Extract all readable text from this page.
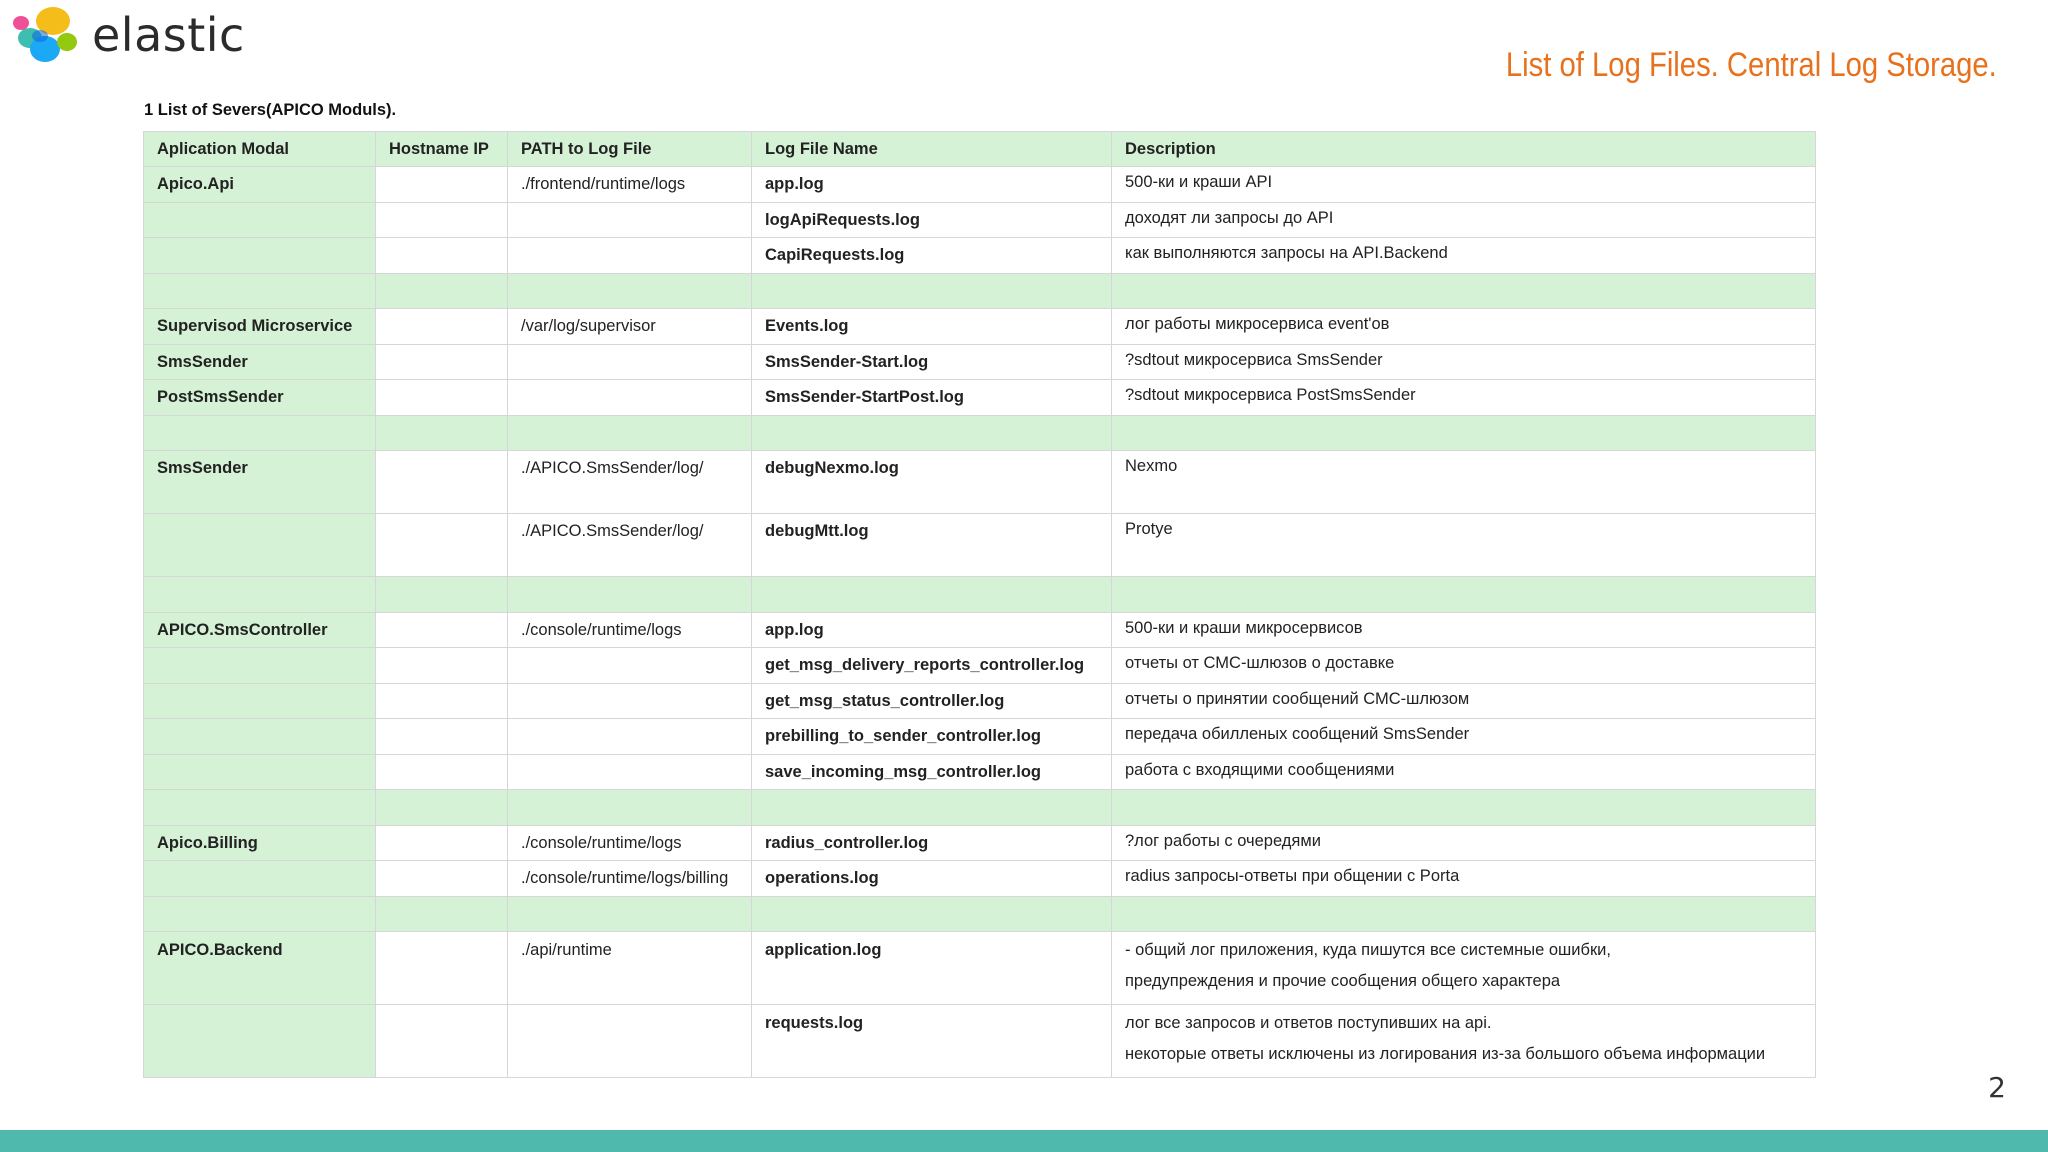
elastic
List of Log Files. Central Log Storage.
1 List of Severs(APICO Moduls).
Aplication Modal	Hostname IP	PATH to Log File	Log File Name	Description
Apico.Api		./frontend/runtime/logs	app.log	500-ки и краши API

			logApiRequests.log	доходят ли запросы до API

			CapiRequests.log	как выполняются запросы на API.Backend

Supervisod Microservice		/var/log/supervisor	Events.log	лог работы микросервиса event'ов

SmsSender			SmsSender-Start.log	?sdtout микросервиса SmsSender

PostSmsSender			SmsSender-StartPost.log	?sdtout микросервиса PostSmsSender

SmsSender		./APICO.SmsSender/log/	debugNexmo.log	Nexmo

		./APICO.SmsSender/log/	debugMtt.log	Protye

APICO.SmsController		./console/runtime/logs	app.log	500-ки и краши микросервисов

			get_msg_delivery_reports_controller.log	отчеты от СМС-шлюзов о доставке

			get_msg_status_controller.log	отчеты о принятии сообщений СМС-шлюзом

			prebilling_to_sender_controller.log	передача обилленых сообщений SmsSender

			save_incoming_msg_controller.log	работа с входящими сообщениями

Apico.Billing		./console/runtime/logs	radius_controller.log	?лог работы с очередями

		./console/runtime/logs/billing	operations.log	radius запросы-ответы при общении с Porta

APICO.Backend		./api/runtime	application.log	- общий лог приложения, куда пишутся все системные ошибки,
предупреждения и прочие сообщения общего характера

			requests.log	лог все запросов и ответов поступивших на api.
некоторые ответы исключены из логирования из-за большого объема информации
2
